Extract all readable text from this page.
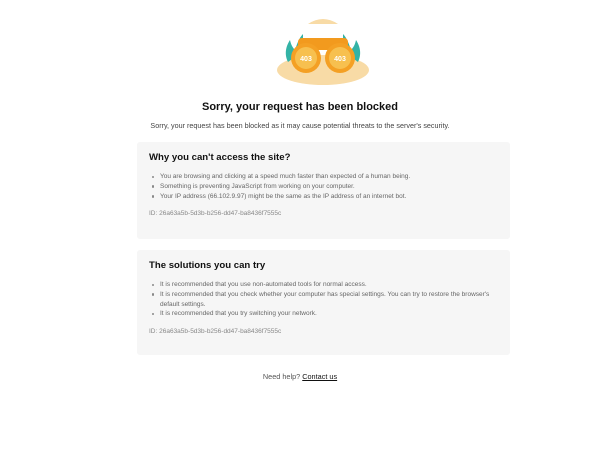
403	403
Sorry, your request has been blocked
Sorry, your request has been blocked as it may cause potential threats to the server's security.
Why you can't access the site?
You are browsing and clicking at a speed much faster than expected of a human being.
Something is preventing JavaScript from working on your computer.
Your IP address (66.102.9.97) might be the same as the IP address of an internet bot.
ID: 26a63a5b-5d3b-b256-dd47-ba8436f7555c
The solutions you can try
It is recommended that you use non-automated tools for normal access.
It is recommended that you check whether your computer has special settings. You can try to restore the browser's default settings.
It is recommended that you try switching your network.
ID: 26a63a5b-5d3b-b256-dd47-ba8436f7555c
Need help? Contact us
